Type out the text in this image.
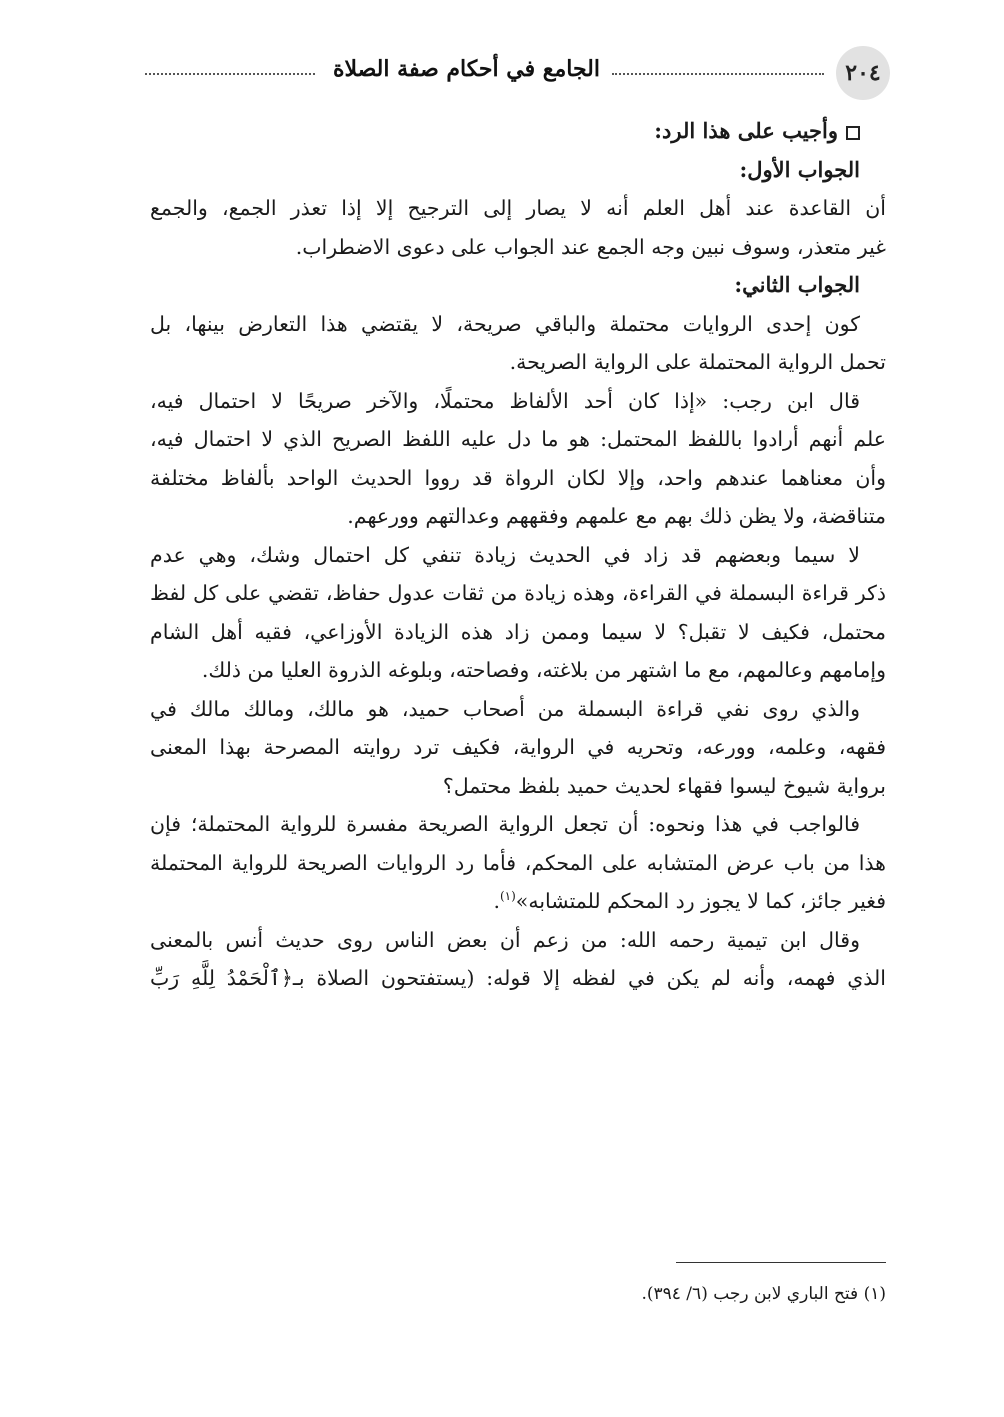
٢٠٤
الجامع في أحكام صفة الصلاة
وأجيب على هذا الرد:
الجواب الأول:
أن القاعدة عند أهل العلم أنه لا يصار إلى الترجيح إلا إذا تعذر الجمع، والجمع
غير متعذر، وسوف نبين وجه الجمع عند الجواب على دعوى الاضطراب.
الجواب الثاني:
كون إحدى الروايات محتملة والباقي صريحة، لا يقتضي هذا التعارض بينها، بل
تحمل الرواية المحتملة على الرواية الصريحة.
قال ابن رجب: «إذا كان أحد الألفاظ محتملًا، والآخر صريحًا لا احتمال فيه،
علم أنهم أرادوا باللفظ المحتمل: هو ما دل عليه اللفظ الصريح الذي لا احتمال فيه،
وأن معناهما عندهم واحد، وإلا لكان الرواة قد رووا الحديث الواحد بألفاظ مختلفة
متناقضة، ولا يظن ذلك بهم مع علمهم وفقههم وعدالتهم وورعهم.
لا سيما وبعضهم قد زاد في الحديث زيادة تنفي كل احتمال وشك، وهي عدم
ذكر قراءة البسملة في القراءة، وهذه زيادة من ثقات عدول حفاظ، تقضي على كل لفظ
محتمل، فكيف لا تقبل؟ لا سيما وممن زاد هذه الزيادة الأوزاعي، فقيه أهل الشام
وإمامهم وعالمهم، مع ما اشتهر من بلاغته، وفصاحته، وبلوغه الذروة العليا من ذلك.
والذي روى نفي قراءة البسملة من أصحاب حميد، هو مالك، ومالك مالك في
فقهه، وعلمه، وورعه، وتحريه في الرواية، فكيف ترد روايته المصرحة بهذا المعنى
برواية شيوخ ليسوا فقهاء لحديث حميد بلفظ محتمل؟
فالواجب في هذا ونحوه: أن تجعل الرواية الصريحة مفسرة للرواية المحتملة؛ فإن
هذا من باب عرض المتشابه على المحكم، فأما رد الروايات الصريحة للرواية المحتملة
فغير جائز، كما لا يجوز رد المحكم للمتشابه»$^{(١)}$.
وقال ابن تيمية رحمه الله: من زعم أن بعض الناس روى حديث أنس بالمعنى
الذي فهمه، وأنه لم يكن في لفظه إلا قوله: (يستفتحون الصلاة بـ﴿ٱلْحَمْدُ لِلَّهِ رَبِّ
(١) فتح الباري لابن رجب (٦/ ٣٩٤).
